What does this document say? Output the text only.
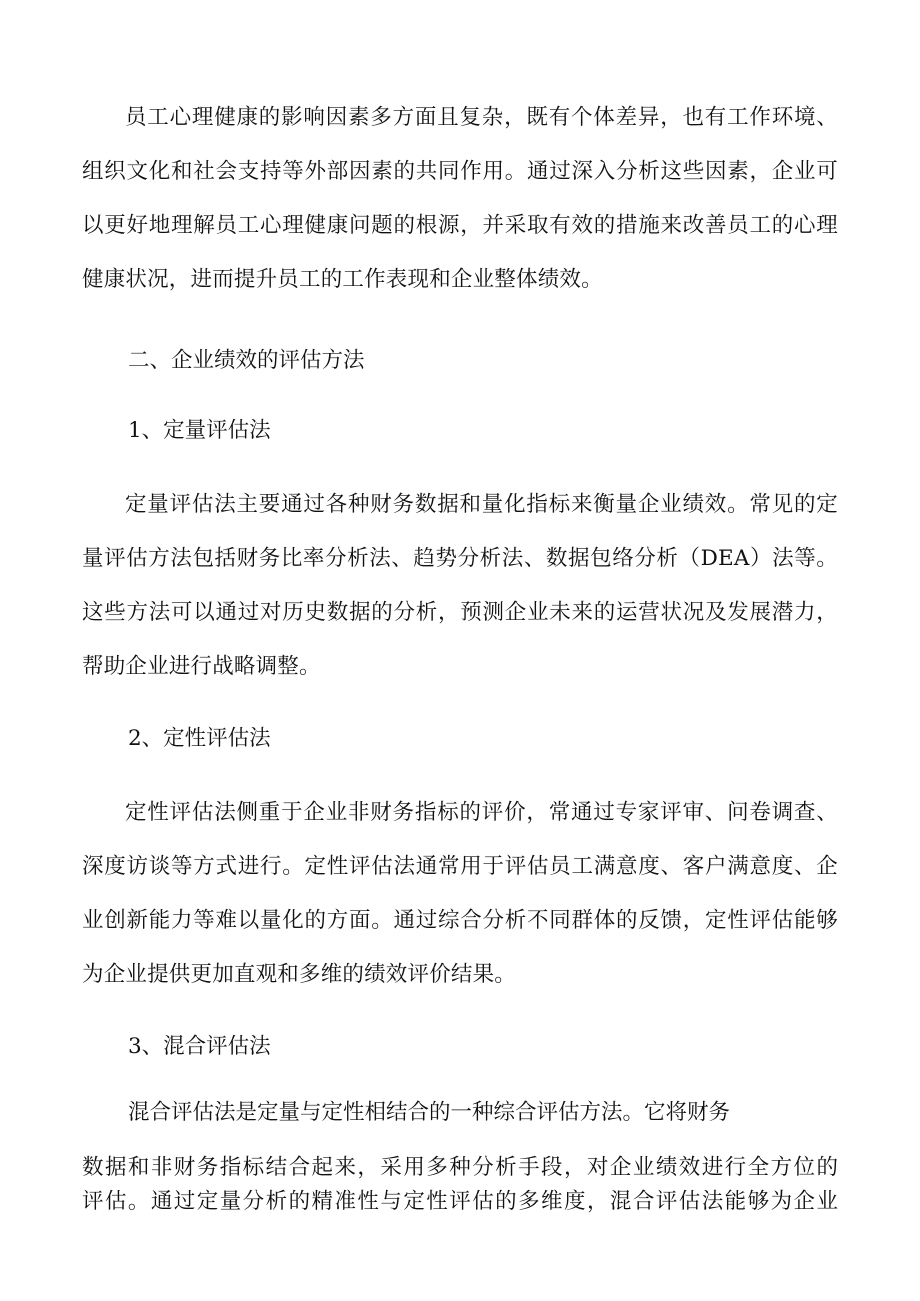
员工心理健康的影响因素多方面且复杂，既有个体差异，也有工作环境、组织文化和社会支持等外部因素的共同作用。通过深入分析这些因素，企业可以更好地理解员工心理健康问题的根源，并采取有效的措施来改善员工的心理健康状况，进而提升员工的工作表现和企业整体绩效。

二、企业绩效的评估方法

1、定量评估法

定量评估法主要通过各种财务数据和量化指标来衡量企业绩效。常见的定量评估方法包括财务比率分析法、趋势分析法、数据包络分析（DEA）法等。这些方法可以通过对历史数据的分析，预测企业未来的运营状况及发展潜力，帮助企业进行战略调整。

2、定性评估法

定性评估法侧重于企业非财务指标的评价，常通过专家评审、问卷调查、深度访谈等方式进行。定性评估法通常用于评估员工满意度、客户满意度、企业创新能力等难以量化的方面。通过综合分析不同群体的反馈，定性评估能够为企业提供更加直观和多维的绩效评价结果。

3、混合评估法

混合评估法是定量与定性相结合的一种综合评估方法。它将财务

数据和非财务指标结合起来，采用多种分析手段，对企业绩效进行全方位的

评估。通过定量分析的精准性与定性评估的多维度，混合评估法能够为企业
